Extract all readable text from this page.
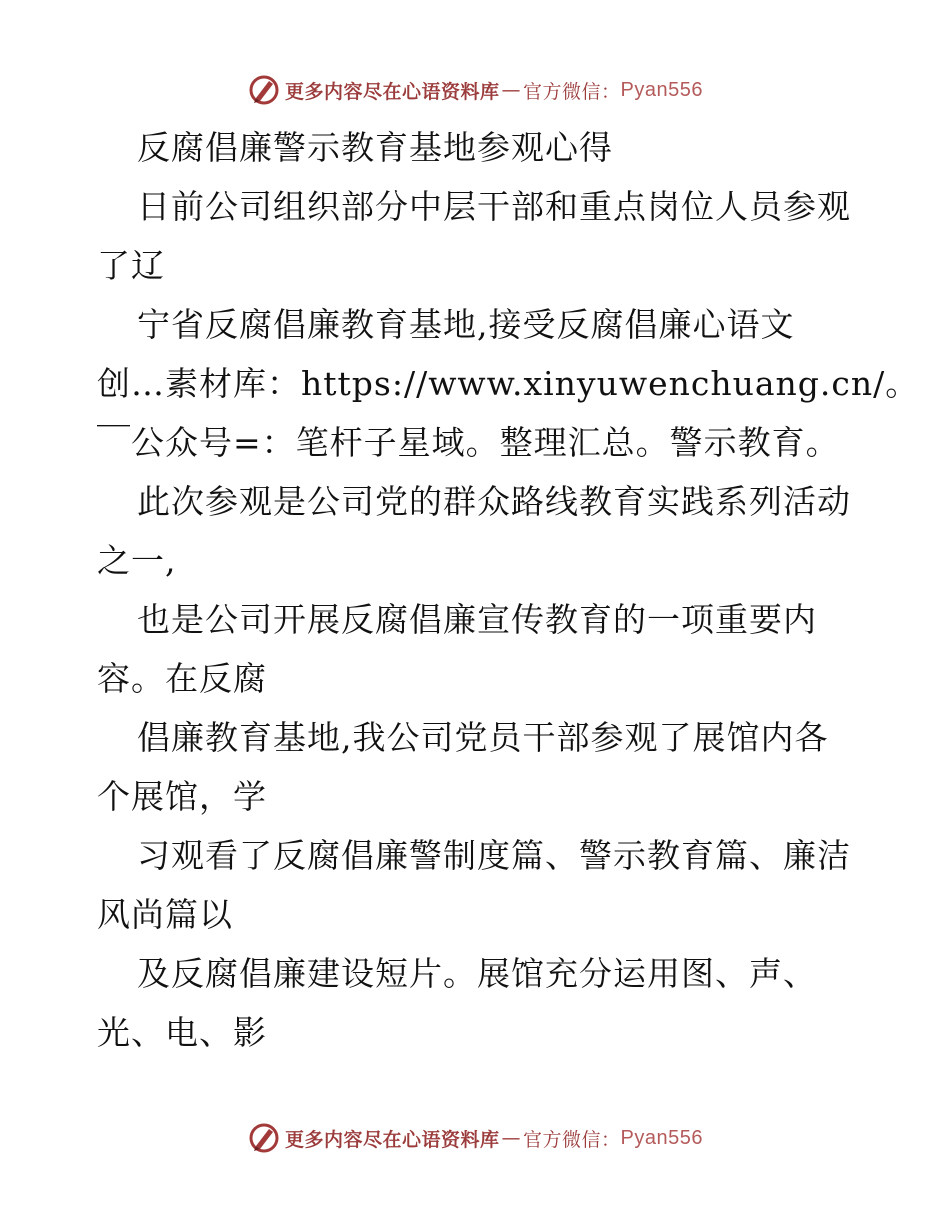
更多内容尽在心语资料库 — 官方微信： Pyan556
反腐倡廉警示教育基地参观心得
日前公司组织部分中层干部和重点岗位人员参观
了辽
宁省反腐倡廉教育基地,接受反腐倡廉心语文
创…素材库：https://www.xinyuwenchuang.cn/。
￣公众号=：笔杆子星域。整理汇总。警示教育。
此次参观是公司党的群众路线教育实践系列活动
之一,
也是公司开展反腐倡廉宣传教育的一项重要内
容。在反腐
倡廉教育基地,我公司党员干部参观了展馆内各
个展馆，学
习观看了反腐倡廉警制度篇、警示教育篇、廉洁
风尚篇以
及反腐倡廉建设短片。展馆充分运用图、声、
光、电、影
更多内容尽在心语资料库 — 官方微信： Pyan556
